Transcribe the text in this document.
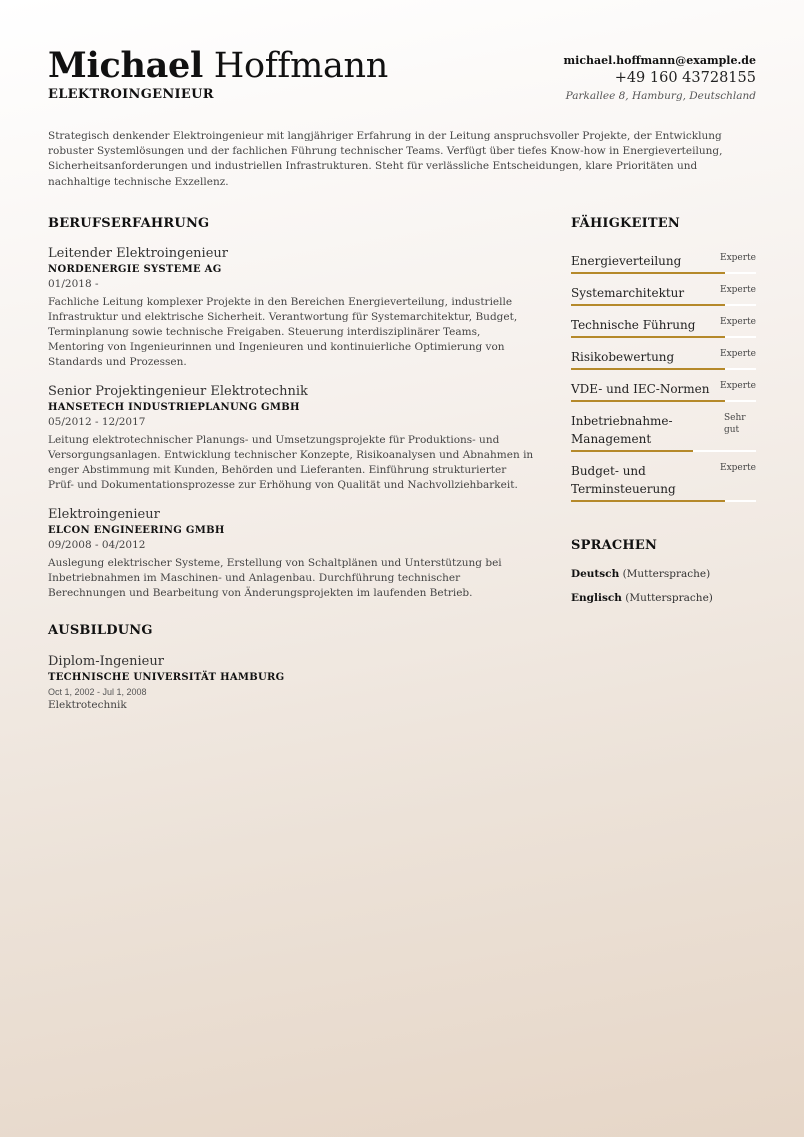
Michael Hoffmann
ELEKTROINGENIEUR
michael.hoffmann@example.de
+49 160 43728155
Parkallee 8, Hamburg, Deutschland
Strategisch denkender Elektroingenieur mit langjähriger Erfahrung in der Leitung anspruchsvoller Projekte, der Entwicklung robuster Systemlösungen und der fachlichen Führung technischer Teams. Verfügt über tiefes Know-how in Energieverteilung, Sicherheitsanforderungen und industriellen Infrastrukturen. Steht für verlässliche Entscheidungen, klare Prioritäten und nachhaltige technische Exzellenz.
BERUFSERFAHRUNG
Leitender Elektroingenieur
NORDENERGIE SYSTEME AG
01/2018 -
Fachliche Leitung komplexer Projekte in den Bereichen Energieverteilung, industrielle Infrastruktur und elektrische Sicherheit. Verantwortung für Systemarchitektur, Budget, Terminplanung sowie technische Freigaben. Steuerung interdisziplinärer Teams, Mentoring von Ingenieurinnen und Ingenieuren und kontinuierliche Optimierung von Standards und Prozessen.
Senior Projektingenieur Elektrotechnik
HANSETECH INDUSTRIEPLANUNG GMBH
05/2012 - 12/2017
Leitung elektrotechnischer Planungs- und Umsetzungsprojekte für Produktions- und Versorgungsanlagen. Entwicklung technischer Konzepte, Risikoanalysen und Abnahmen in enger Abstimmung mit Kunden, Behörden und Lieferanten. Einführung strukturierter Prüf- und Dokumentationsprozesse zur Erhöhung von Qualität und Nachvollziehbarkeit.
Elektroingenieur
ELCON ENGINEERING GMBH
09/2008 - 04/2012
Auslegung elektrischer Systeme, Erstellung von Schaltplänen und Unterstützung bei Inbetriebnahmen im Maschinen- und Anlagenbau. Durchführung technischer Berechnungen und Bearbeitung von Änderungsprojekten im laufenden Betrieb.
AUSBILDUNG
Diplom-Ingenieur
TECHNISCHE UNIVERSITÄT HAMBURG
Oct 1, 2002 - Jul 1, 2008
Elektrotechnik
FÄHIGKEITEN
Energieverteilung	Experte
Systemarchitektur	Experte
Technische Führung	Experte
Risikobewertung	Experte
VDE- und IEC-Normen Experte
Inbetriebnahme-Management
Sehr gut
Budget- und Terminsteuerung
Experte
SPRACHEN
Deutsch (Muttersprache)
Englisch (Muttersprache)
